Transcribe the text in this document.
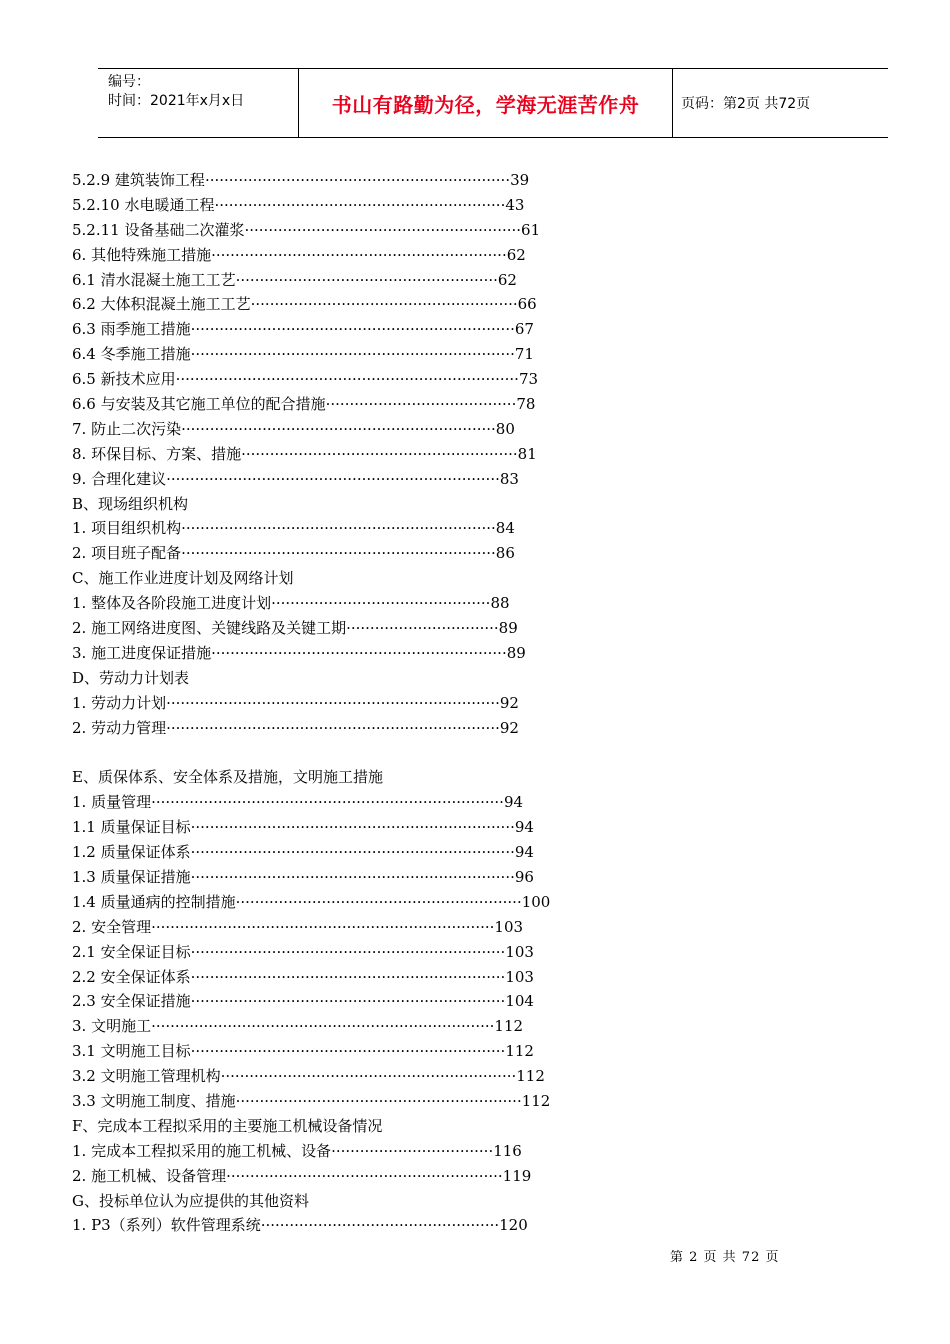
编号：
时间：2021年x月x日	书山有路勤为径，学海无涯苦作舟	页码：第2页 共72页
5.2.9 建筑装饰工程································································39
5.2.10 水电暖通工程·····························································43
5.2.11 设备基础二次灌浆··························································61
6. 其他特殊施工措施······························································62
6.1 清水混凝土施工工艺·······················································62
6.2 大体积混凝土施工工艺························································66
6.3 雨季施工措施····································································67
6.4 冬季施工措施····································································71
6.5 新技术应用········································································73
6.6 与安装及其它施工单位的配合措施········································78
7. 防止二次污染··································································80
8. 环保目标、方案、措施··························································81
9. 合理化建议······································································83
B、现场组织机构
1. 项目组织机构··································································84
2. 项目班子配备··································································86
C、施工作业进度计划及网络计划
1. 整体及各阶段施工进度计划··············································88
2. 施工网络进度图、关键线路及关键工期································89
3. 施工进度保证措施······························································89
D、劳动力计划表
1. 劳动力计划······································································92
2. 劳动力管理······································································92
E、质保体系、安全体系及措施，文明施工措施
1. 质量管理··········································································94
1.1 质量保证目标····································································94
1.2 质量保证体系····································································94
1.3 质量保证措施····································································96
1.4 质量通病的控制措施····························································100
2. 安全管理········································································103
2.1 安全保证目标··································································103
2.2 安全保证体系··································································103
2.3 安全保证措施··································································104
3. 文明施工········································································112
3.1 文明施工目标··································································112
3.2 文明施工管理机构······························································112
3.3 文明施工制度、措施····························································112
F、完成本工程拟采用的主要施工机械设备情况
1. 完成本工程拟采用的施工机械、设备··································116
2. 施工机械、设备管理··························································119
G、投标单位认为应提供的其他资料
1. P3（系列）软件管理系统··················································120
第 2 页 共 72 页
